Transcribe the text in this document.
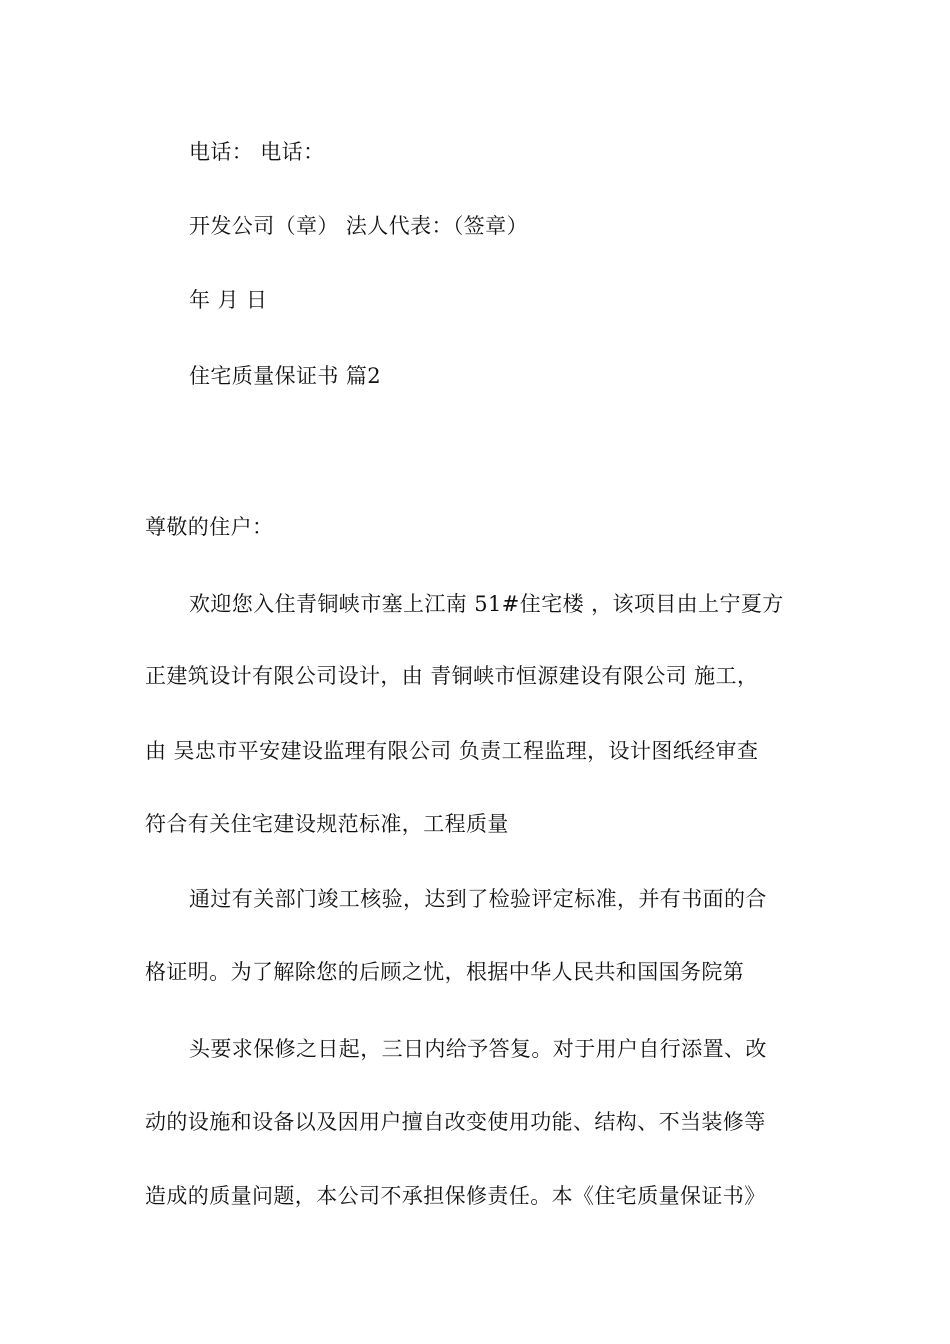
电话： 电话：
开发公司（章） 法人代表：（签章）
年 月 日
住宅质量保证书 篇2
尊敬的住户：
欢迎您入住青铜峡市塞上江南 51#住宅楼 ，该项目由上宁夏方
正建筑设计有限公司设计，由 青铜峡市恒源建设有限公司 施工，
由 吴忠市平安建设监理有限公司 负责工程监理，设计图纸经审查
符合有关住宅建设规范标准，工程质量
通过有关部门竣工核验，达到了检验评定标准，并有书面的合
格证明。为了解除您的后顾之忧，根据中华人民共和国国务院第
头要求保修之日起，三日内给予答复。对于用户自行添置、改
动的设施和设备以及因用户擅自改变使用功能、结构、不当装修等
造成的质量问题，本公司不承担保修责任。本《住宅质量保证书》
